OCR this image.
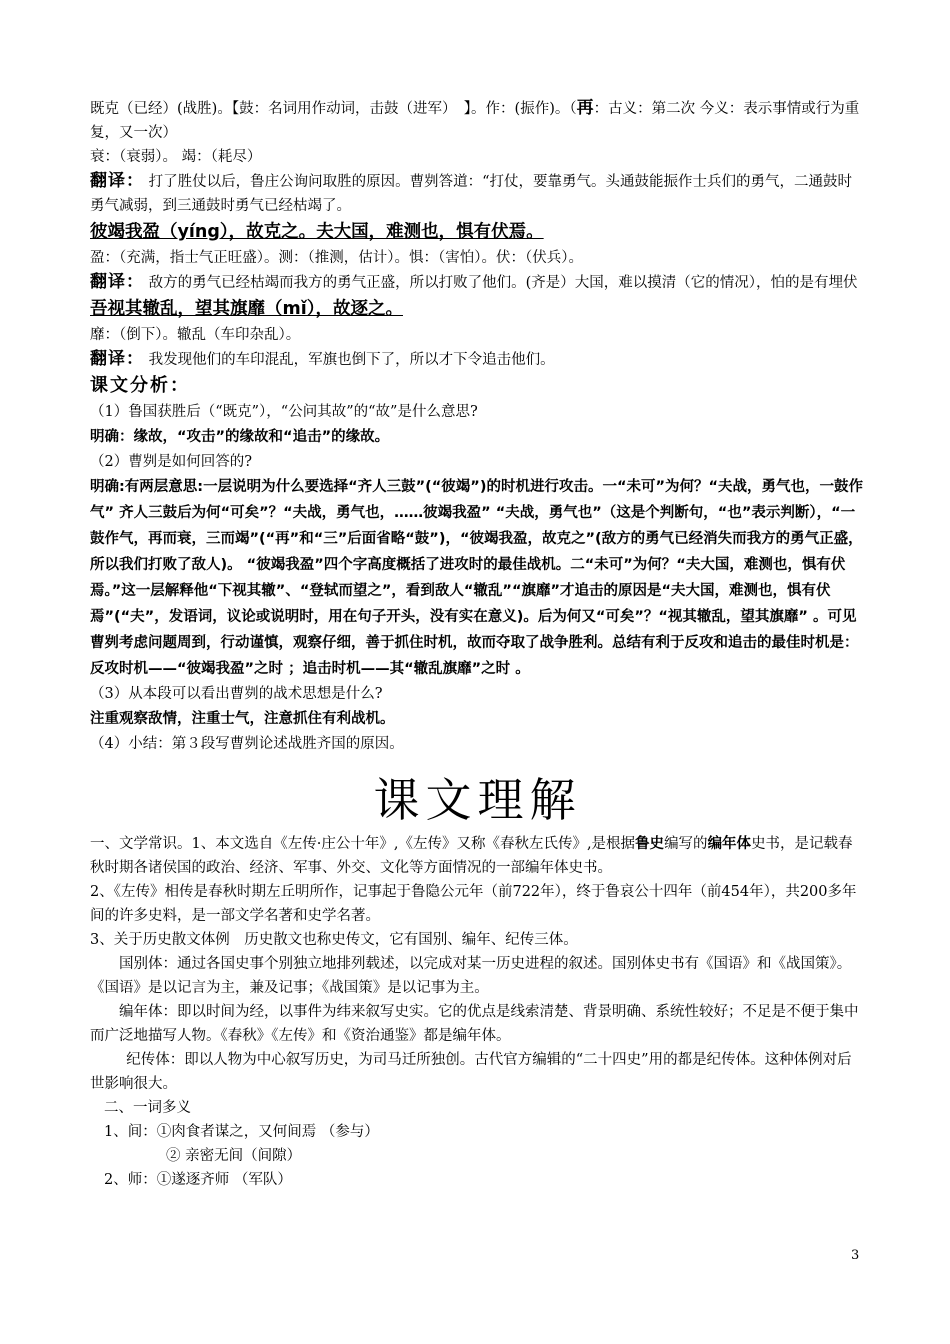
既克（已经）(战胜)。【鼓：名词用作动词，击鼓（进军）　】。作：(振作)。（再：古义：第二次 今义：表示事情或行为重复，又一次）

衰：（衰弱）。 竭：（耗尽）

翻译： 打了胜仗以后，鲁庄公询问取胜的原因。曹刿答道：“打仗，要靠勇气。头通鼓能振作士兵们的勇气，二通鼓时勇气减弱，到三通鼓时勇气已经枯竭了。

彼竭我盈（yíng），故克之。夫大国，难测也，惧有伏焉。

盈：（充满，指士气正旺盛）。测：（推测，估计）。惧：（害怕）。伏：（伏兵）。

翻译： 敌方的勇气已经枯竭而我方的勇气正盛，所以打败了他们。(齐是）大国，难以摸清（它的情况），怕的是有埋伏

吾视其辙乱，望其旗靡（mǐ），故逐之。

靡：（倒下）。辙乱（车印杂乱）。

翻译： 我发现他们的车印混乱，军旗也倒下了，所以才下令追击他们。

课文分析：

（1）鲁国获胜后（“既克”），“公问其故”的“故”是什么意思?

明确：缘故，“攻击”的缘故和“追击”的缘故。

（2）曹刿是如何回答的?

明确:有两层意思:一层说明为什么要选择“齐人三鼓”(“彼竭”)的时机进行攻击。一“未可”为何？“夫战，勇气也，一鼓作气” 齐人三鼓后为何“可矣”？“夫战，勇气也，……彼竭我盈” “夫战，勇气也”（这是个判断句，“也”表示判断），“一鼓作气，再而衰，三而竭”(“再”和“三”后面省略“鼓”)，“彼竭我盈，故克之”(敌方的勇气已经消失而我方的勇气正盛，所以我们打败了敌人)。 “彼竭我盈”四个字高度概括了进攻时的最佳战机。二“未可”为何？“夫大国，难测也，惧有伏焉。”这一层解释他“下视其辙”、“登轼而望之”，看到敌人“辙乱”“旗靡”才追击的原因是“夫大国，难测也，惧有伏焉”(“夫”，发语词，议论或说明时，用在句子开头，没有实在意义)。后为何又“可矣”？“视其辙乱，望其旗靡” 。可见曹刿考虑问题周到，行动谨慎，观察仔细，善于抓住时机，故而夺取了战争胜利。总结有利于反攻和追击的最佳时机是：反攻时机——“彼竭我盈”之时 ；追击时机——其“辙乱旗靡”之时 。

（3）从本段可以看出曹刿的战术思想是什么?

注重观察敌情，注重士气，注意抓住有利战机。

（4）小结：第３段写曹刿论述战胜齐国的原因。

课文理解

一、文学常识。1、本文选自《左传·庄公十年》,《左传》又称《春秋左氏传》,是根据鲁史编写的编年体史书，是记载春秋时期各诸侯国的政治、经济、军事、外交、文化等方面情况的一部编年体史书。

2、《左传》相传是春秋时期左丘明所作，记事起于鲁隐公元年（前722年），终于鲁哀公十四年（前454年），共200多年间的许多史料，是一部文学名著和史学名著。

3、关于历史散文体例　历史散文也称史传文，它有国别、编年、纪传三体。

国别体：通过各国史事个别独立地排列载述，以完成对某一历史进程的叙述。国别体史书有《国语》和《战国策》。《国语》是以记言为主，兼及记事；《战国策》是以记事为主。

编年体：即以时间为经，以事件为纬来叙写史实。它的优点是线索清楚、背景明确、系统性较好；不足是不便于集中而广泛地描写人物。《春秋》《左传》和《资治通鉴》都是编年体。

纪传体：即以人物为中心叙写历史，为司马迁所独创。古代官方编辑的“二十四史”用的都是纪传体。这种体例对后世影响很大。

二、一词多义

1、间：①肉食者谋之，又何间焉 （参与）

② 亲密无间（间隙）

2、师：①遂逐齐师 （军队）

3
